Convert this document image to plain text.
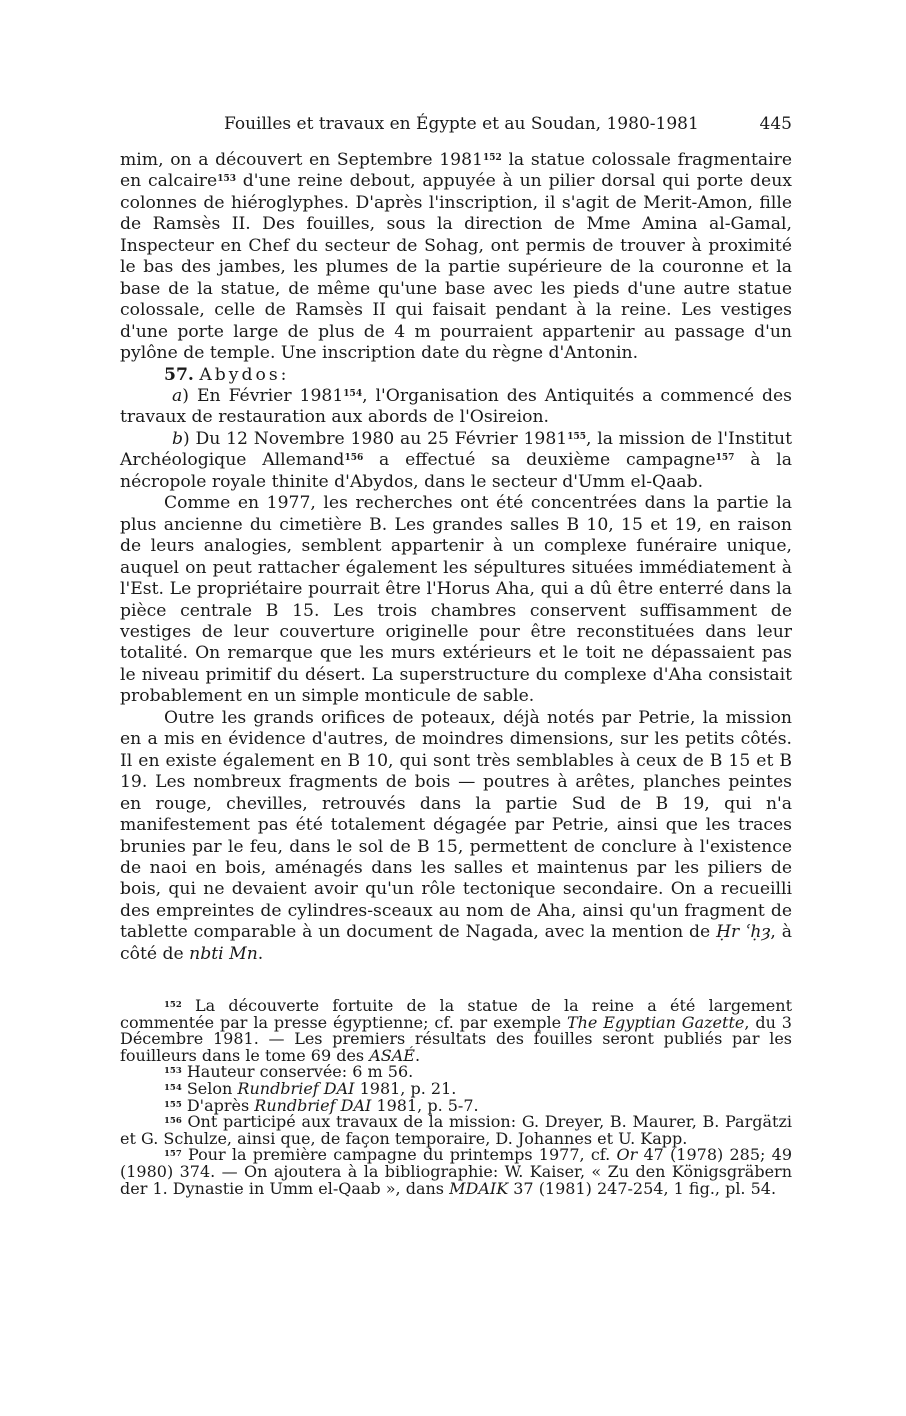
Fouilles et travaux en Égypte et au Soudan, 1980-1981	445

mim, on a découvert en Septembre 1981$^{152}$ la statue colossale fragmentaire en calcaire$^{153}$ d'une reine debout, appuyée à un pilier dorsal qui porte deux colonnes de hiéroglyphes. D'après l'inscription, il s'agit de Merit-Amon, fille de Ramsès II. Des fouilles, sous la direction de Mme Amina al-Gamal, Inspecteur en Chef du secteur de Sohag, ont permis de trouver à proximité le bas des jambes, les plumes de la partie supérieure de la couronne et la base de la statue, de même qu'une base avec les pieds d'une autre statue colossale, celle de Ramsès II qui faisait pendant à la reine. Les vestiges d'une porte large de plus de 4 m pourraient appartenir au passage d'un pylône de temple. Une inscription date du règne d'Antonin.

57. Abydos:

a) En Février 1981$^{154}$, l'Organisation des Antiquités a commencé des travaux de restauration aux abords de l'Osireion.

b) Du 12 Novembre 1980 au 25 Février 1981$^{155}$, la mission de l'Institut Archéologique Allemand$^{156}$ a effectué sa deuxième campagne$^{157}$ à la nécropole royale thinite d'Abydos, dans le secteur d'Umm el-Qaab.

Comme en 1977, les recherches ont été concentrées dans la partie la plus ancienne du cimetière B. Les grandes salles B 10, 15 et 19, en raison de leurs analogies, semblent appartenir à un complexe funéraire unique, auquel on peut rattacher également les sépultures situées immédiatement à l'Est. Le propriétaire pourrait être l'Horus Aha, qui a dû être enterré dans la pièce centrale B 15. Les trois chambres conservent suffisamment de vestiges de leur couverture originelle pour être reconstituées dans leur totalité. On remarque que les murs extérieurs et le toit ne dépassaient pas le niveau primitif du désert. La superstructure du complexe d'Aha consistait probablement en un simple monticule de sable.

Outre les grands orifices de poteaux, déjà notés par Petrie, la mission en a mis en évidence d'autres, de moindres dimensions, sur les petits côtés. Il en existe également en B 10, qui sont très semblables à ceux de B 15 et B 19. Les nombreux fragments de bois — poutres à arêtes, planches peintes en rouge, chevilles, retrouvés dans la partie Sud de B 19, qui n'a manifestement pas été totalement dégagée par Petrie, ainsi que les traces brunies par le feu, dans le sol de B 15, permettent de conclure à l'existence de naoi en bois, aménagés dans les salles et maintenus par les piliers de bois, qui ne devaient avoir qu'un rôle tectonique secondaire. On a recueilli des empreintes de cylindres-sceaux au nom de Aha, ainsi qu'un fragment de tablette comparable à un document de Nagada, avec la mention de Ḥr ʿḥȝ, à côté de nbti Mn.

$^{152}$ La découverte fortuite de la statue de la reine a été largement commentée par la presse égyptienne; cf. par exemple The Egyptian Gazette, du 3 Décembre 1981. — Les premiers résultats des fouilles seront publiés par les fouilleurs dans le tome 69 des ASAÉ.

$^{153}$ Hauteur conservée: 6 m 56.

$^{154}$ Selon Rundbrief DAI 1981, p. 21.

$^{155}$ D'après Rundbrief DAI 1981, p. 5-7.

$^{156}$ Ont participé aux travaux de la mission: G. Dreyer, B. Maurer, B. Pargätzi et G. Schulze, ainsi que, de façon temporaire, D. Johannes et U. Kapp.

$^{157}$ Pour la première campagne du printemps 1977, cf. Or 47 (1978) 285; 49 (1980) 374. — On ajoutera à la bibliographie: W. Kaiser, « Zu den Königsgräbern der 1. Dynastie in Umm el-Qaab », dans MDAIK 37 (1981) 247-254, 1 fig., pl. 54.
